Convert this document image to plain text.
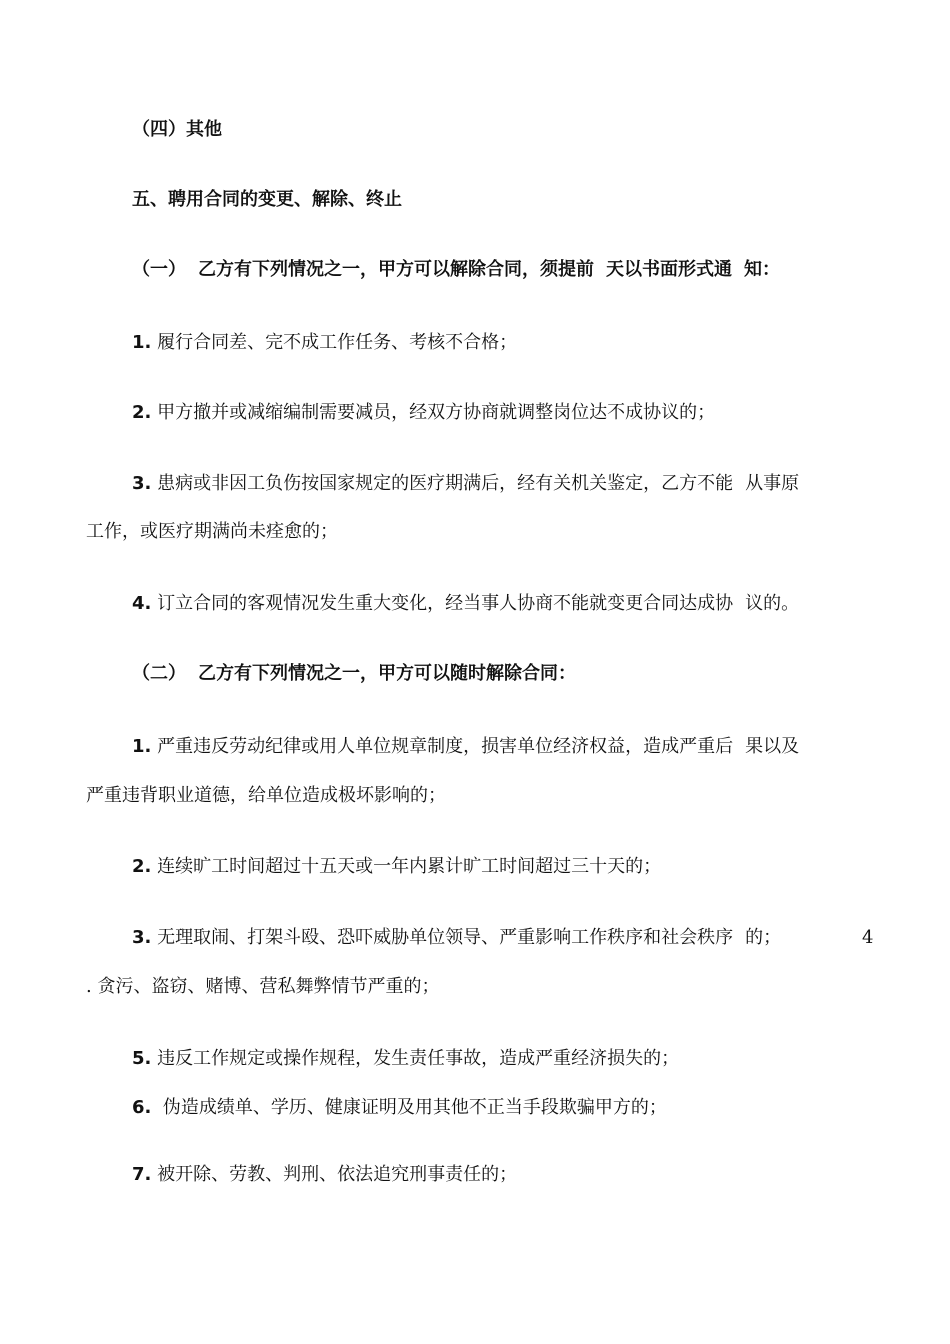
（四）其他
五、聘用合同的变更、解除、终止
（一） 乙方有下列情况之一，甲方可以解除合同，须提前 天以书面形式通 知：
1. 履行合同差、完不成工作任务、考核不合格；
2. 甲方撤并或减缩编制需要减员，经双方协商就调整岗位达不成协议的；
3. 患病或非因工负伤按国家规定的医疗期满后，经有关机关鉴定，乙方不能 从事原
工作，或医疗期满尚未痊愈的；
4. 订立合同的客观情况发生重大变化，经当事人协商不能就变更合同达成协 议的。
（二） 乙方有下列情况之一，甲方可以随时解除合同：
1. 严重违反劳动纪律或用人单位规章制度，损害单位经济权益，造成严重后 果以及
严重违背职业道德，给单位造成极坏影响的；
2. 连续旷工时间超过十五天或一年内累计旷工时间超过三十天的；
3. 无理取闹、打架斗殴、恐吓威胁单位领导、严重影响工作秩序和社会秩序 的；	4
. 贪污、盗窃、赌博、营私舞弊情节严重的；
5. 违反工作规定或操作规程，发生责任事故，造成严重经济损失的；
6. 伪造成绩单、学历、健康证明及用其他不正当手段欺骗甲方的；
7. 被开除、劳教、判刑、依法追究刑事责任的；
